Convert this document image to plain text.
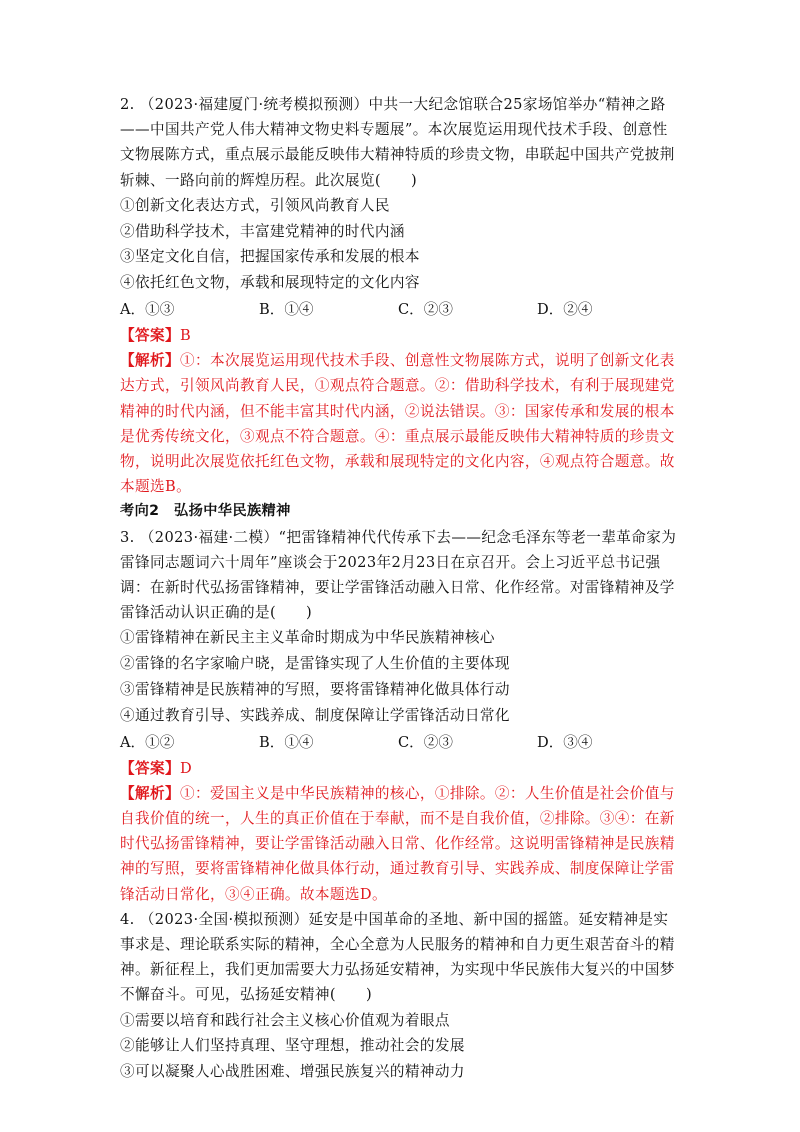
2. （2023·福建厦门·统考模拟预测）中共一大纪念馆联合25家场馆举办“精神之路——中国共产党人伟大精神文物史料专题展”。本次展览运用现代技术手段、创意性文物展陈方式，重点展示最能反映伟大精神特质的珍贵文物，串联起中国共产党披荆斩棘、一路向前的辉煌历程。此次展览(　　)

①创新文化表达方式，引领风尚教育人民

②借助科学技术，丰富建党精神的时代内涵

③坚定文化自信，把握国家传承和发展的根本

④依托红色文物，承载和展现特定的文化内容

A．①③	B．①④	C．②③	D．②④

【答案】B

【解析】①：本次展览运用现代技术手段、创意性文物展陈方式，说明了创新文化表达方式，引领风尚教育人民，①观点符合题意。②：借助科学技术，有利于展现建党精神的时代内涵，但不能丰富其时代内涵，②说法错误。③：国家传承和发展的根本是优秀传统文化，③观点不符合题意。④：重点展示最能反映伟大精神特质的珍贵文物，说明此次展览依托红色文物，承载和展现特定的文化内容，④观点符合题意。故本题选B。

考向2　弘扬中华民族精神

3. （2023·福建·二模）“把雷锋精神代代传承下去——纪念毛泽东等老一辈革命家为雷锋同志题词六十周年”座谈会于2023年2月23日在京召开。会上习近平总书记强调：在新时代弘扬雷锋精神，要让学雷锋活动融入日常、化作经常。对雷锋精神及学雷锋活动认识正确的是(　　)

①雷锋精神在新民主主义革命时期成为中华民族精神核心

②雷锋的名字家喻户晓，是雷锋实现了人生价值的主要体现

③雷锋精神是民族精神的写照，要将雷锋精神化做具体行动

④通过教育引导、实践养成、制度保障让学雷锋活动日常化

A．①②	B．①④	C．②③	D．③④

【答案】D

【解析】①：爱国主义是中华民族精神的核心，①排除。②：人生价值是社会价值与自我价值的统一，人生的真正价值在于奉献，而不是自我价值，②排除。③④：在新时代弘扬雷锋精神，要让学雷锋活动融入日常、化作经常。这说明雷锋精神是民族精神的写照，要将雷锋精神化做具体行动，通过教育引导、实践养成、制度保障让学雷锋活动日常化，③④正确。故本题选D。

4. （2023·全国·模拟预测）延安是中国革命的圣地、新中国的摇篮。延安精神是实事求是、理论联系实际的精神，全心全意为人民服务的精神和自力更生艰苦奋斗的精神。新征程上，我们更加需要大力弘扬延安精神，为实现中华民族伟大复兴的中国梦不懈奋斗。可见，弘扬延安精神(　　)

①需要以培育和践行社会主义核心价值观为着眼点

②能够让人们坚持真理、坚守理想，推动社会的发展

③可以凝聚人心战胜困难、增强民族复兴的精神动力
